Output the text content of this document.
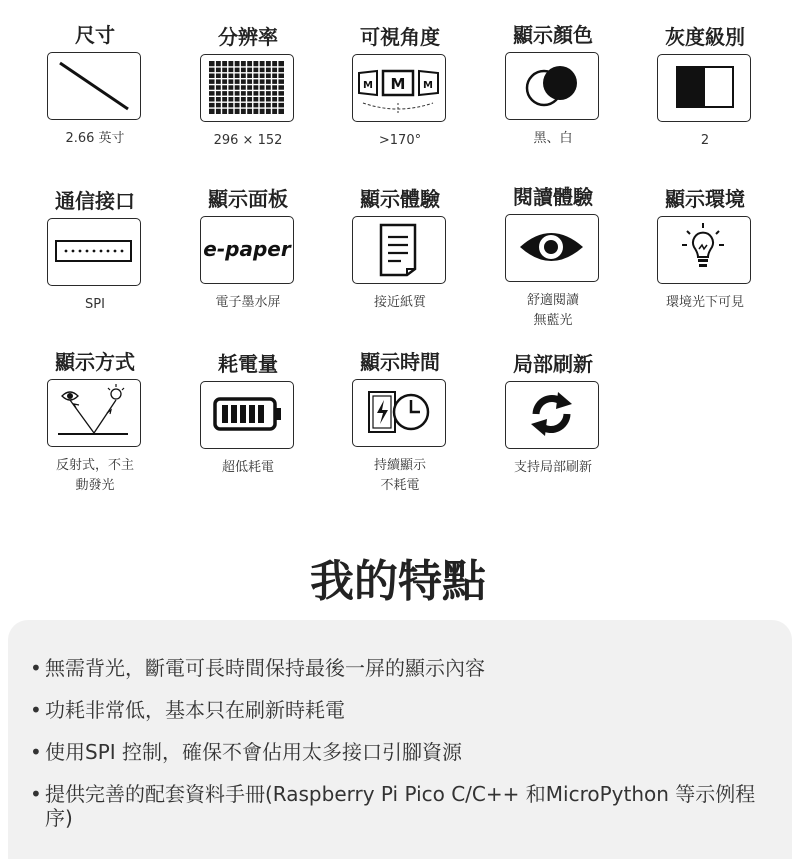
尺寸
2.66 英寸
分辨率
296 × 152
可視角度
M
M	M
>170°
顯示顏色
黑、白
灰度級別
2
通信接口
SPI
顯示面板
e-paper
電子墨水屏
顯示體驗
接近紙質
閱讀體驗
舒適閱讀
無藍光
顯示環境
環境光下可見
顯示方式
反射式，不主
動發光
耗電量
超低耗電
顯示時間
持續顯示
不耗電
局部刷新
支持局部刷新
我的特點
• 無需背光，斷電可長時間保持最後一屏的顯示內容
• 功耗非常低，基本只在刷新時耗電
• 使用SPI 控制，確保不會佔用太多接口引腳資源
• 提供完善的配套資料手冊(Raspberry Pi Pico C/C++ 和MicroPython 等示例程序)
